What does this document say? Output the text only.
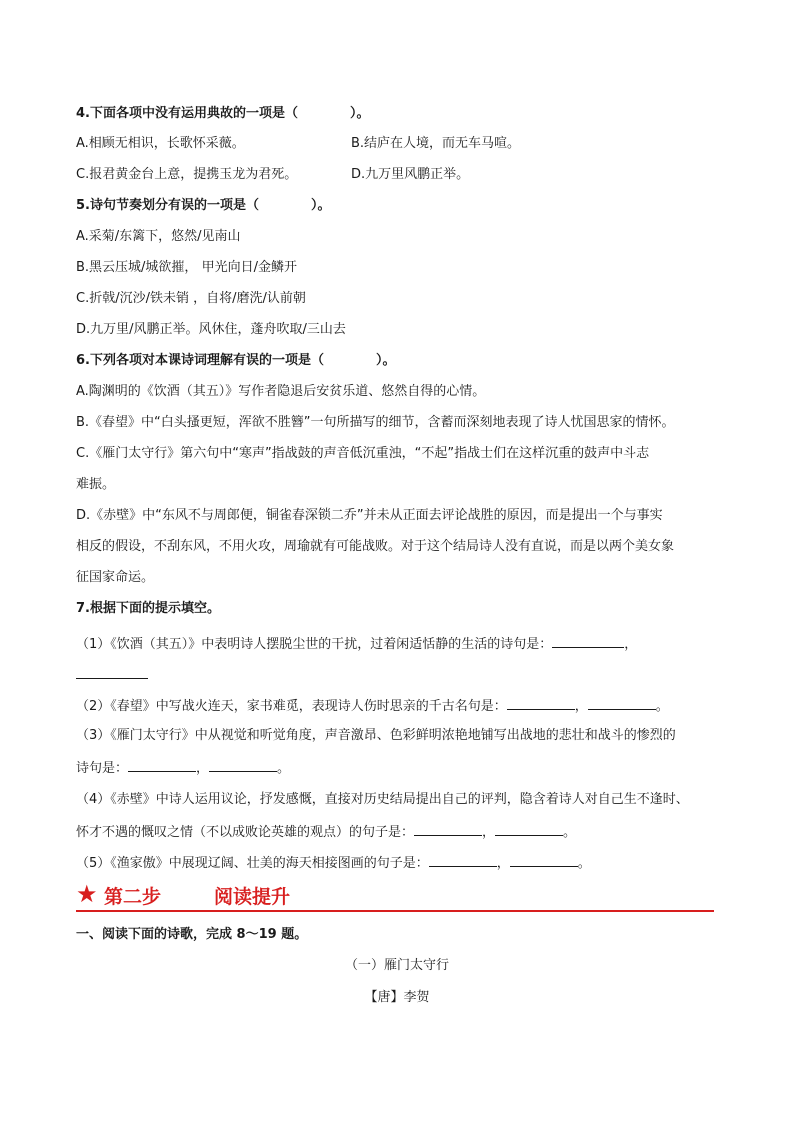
4.下面各项中没有运用典故的一项是（　　　　）。
A.相顾无相识，长歌怀采薇。	B.结庐在人境，而无车马喧。
C.报君黄金台上意，提携玉龙为君死。	D.九万里风鹏正举。
5.诗句节奏划分有误的一项是（　　　　）。
A.采菊/东篱下，悠然/见南山
B.黑云压城/城欲摧， 甲光向日/金鳞开
C.折戟/沉沙/铁未销 ，自将/磨洗/认前朝
D.九万里/风鹏正举。风休住，蓬舟吹取/三山去
6.下列各项对本课诗词理解有误的一项是（　　　　）。
A.陶渊明的《饮酒（其五）》写作者隐退后安贫乐道、悠然自得的心情。
B.《春望》中“白头搔更短，浑欲不胜簪”一句所描写的细节，含蓄而深刻地表现了诗人忧国思家的情怀。
C.《雁门太守行》第六句中“寒声”指战鼓的声音低沉重浊，“不起”指战士们在这样沉重的鼓声中斗志
难振。
D.《赤壁》中“东风不与周郎便，铜雀春深锁二乔”并未从正面去评论战胜的原因，而是提出一个与事实
相反的假设，不刮东风，不用火攻，周瑜就有可能战败。对于这个结局诗人没有直说，而是以两个美女象
征国家命运。
7.根据下面的提示填空。
（1）《饮酒（其五）》中表明诗人摆脱尘世的干扰，过着闲适恬静的生活的诗句是：	，
（2）《春望》中写战火连天，家书难觅，表现诗人伤时思亲的千古名句是：	，	。
（3）《雁门太守行》中从视觉和听觉角度，声音激昂、色彩鲜明浓艳地铺写出战地的悲壮和战斗的惨烈的
诗句是：	，	。
（4）《赤壁》中诗人运用议论，抒发感慨，直接对历史结局提出自己的评判，隐含着诗人对自己生不逢时、
怀才不遇的慨叹之情（不以成败论英雄的观点）的句子是：	，	。
（5）《渔家傲》中展现辽阔、壮美的海天相接图画的句子是：	，	。
★ 第二步	阅读提升
一、阅读下面的诗歌，完成 8～19 题。
（一）雁门太守行
【唐】李贺
